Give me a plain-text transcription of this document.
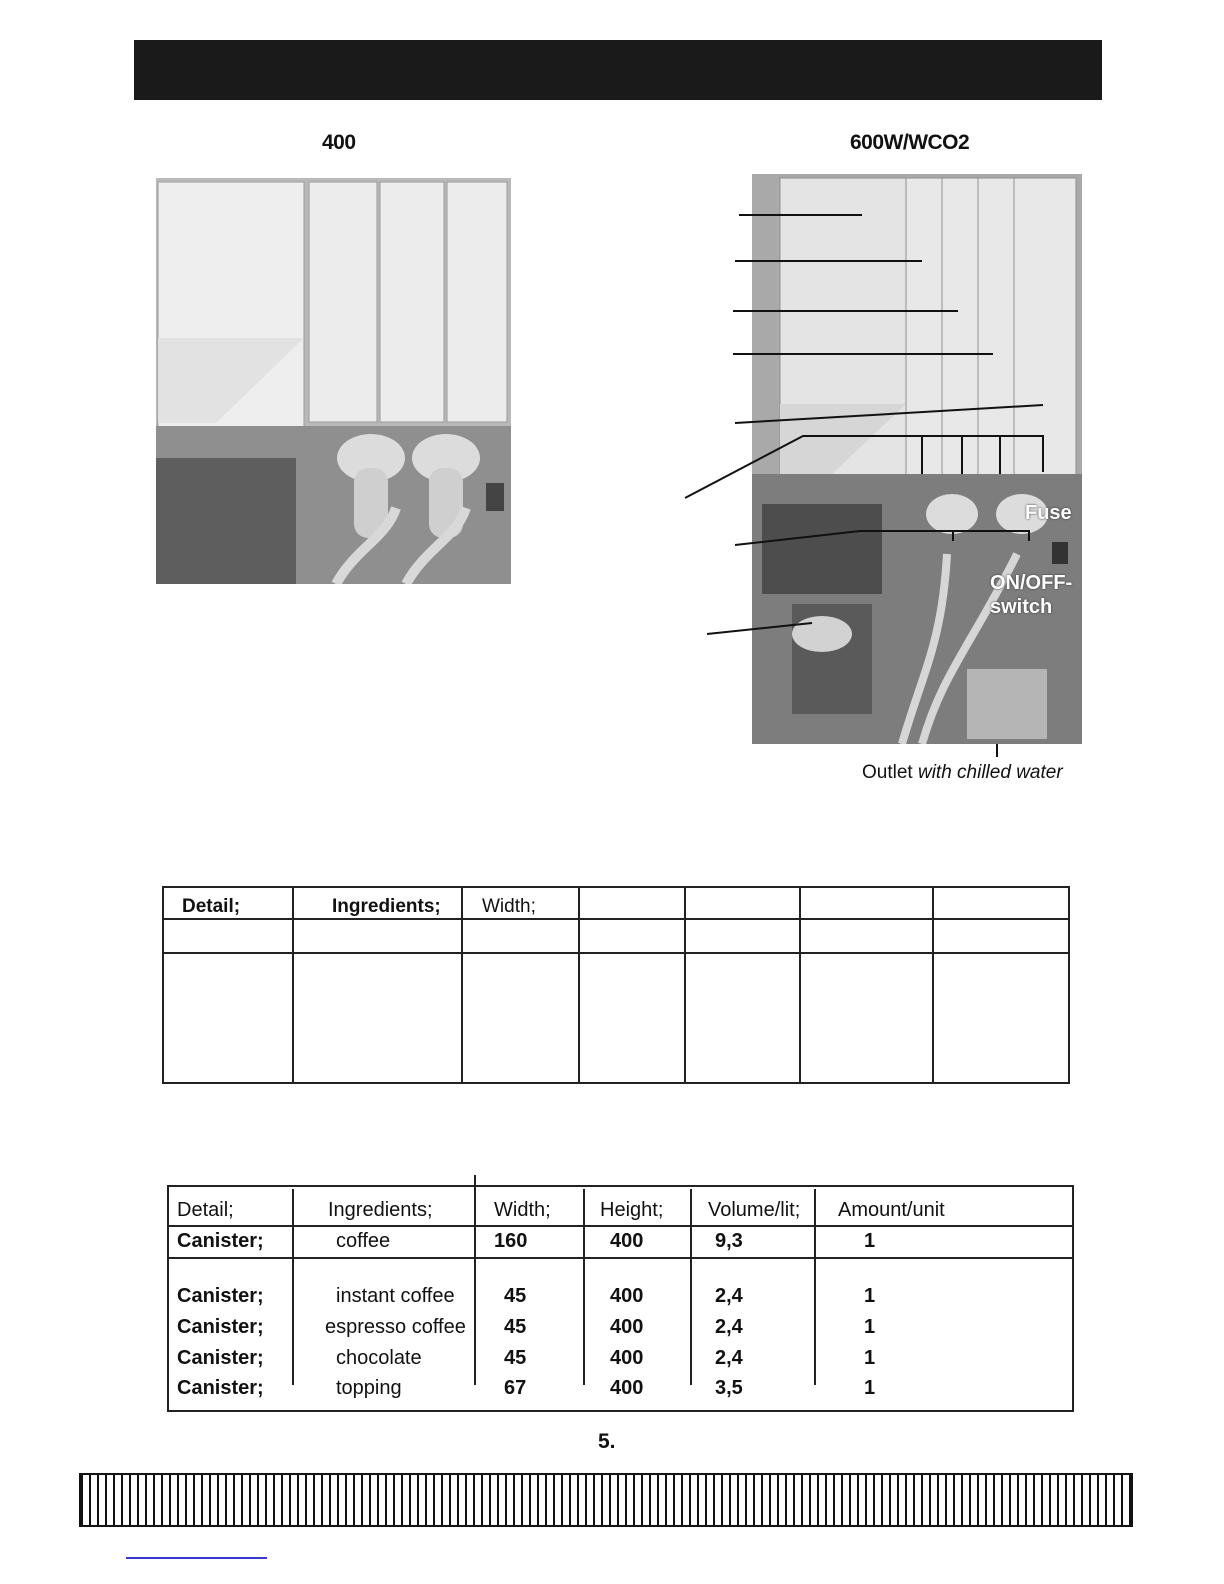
400	600W/WCO2
Fuse
ON/OFF-
switch
Outlet with chilled water
Detail;	Ingredients; Width;
Detail;	Ingredients;	Width; Height; Volume/lit; Amount/unit
Canister;	coffee	160	400	9,3	1
Canister;	instant coffee 45	400	2,4	1
Canister;	espresso coffee 45	400	2,4	1
Canister;	chocolate	45	400	2,4	1
Canister;	topping	67	400	3,5	1
5.
